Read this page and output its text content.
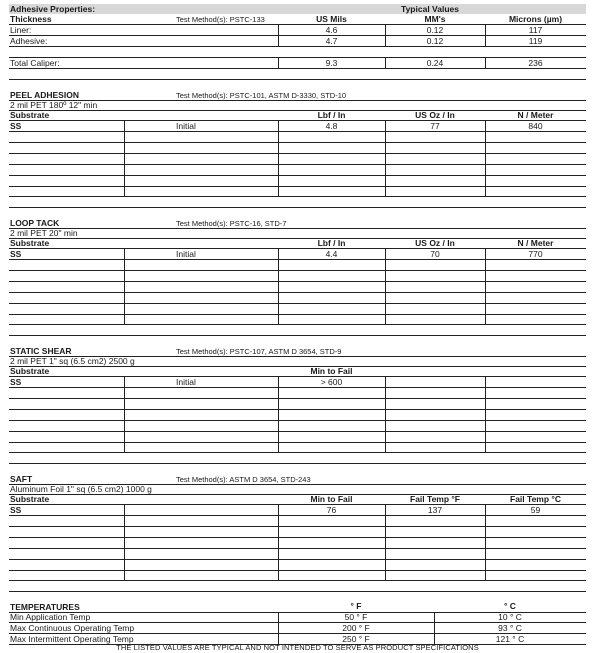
Adhesive Properties:	Typical Values
Thickness	Test Method(s): PSTC-133	US Mils	MM's	Microns (µm)
Liner:	4.6	0.12	117
Adhesive:	4.7	0.12	119
Total Caliper:	9.3	0.24	236
PEEL ADHESION	Test Method(s): PSTC-101, ASTM D-3330, STD-10
2 mil PET 180º 12" min
Substrate	Lbf / In	US Oz / In	N / Meter
SS	Initial	4.8	77	840
LOOP TACK	Test Method(s): PSTC-16, STD-7
2 mil PET 20" min
Substrate	Lbf / In	US Oz / In	N / Meter
SS	Initial	4.4	70	770
STATIC SHEAR	Test Method(s): PSTC-107, ASTM D 3654, STD-9
2 mil PET 1" sq (6.5 cm2) 2500 g
Substrate	Min to Fail
SS	Initial	> 600
SAFT	Test Method(s): ASTM D 3654, STD-243
Aluminum Foil 1" sq (6.5 cm2) 1000 g
Substrate	Min to Fail	Fail Temp °F	Fail Temp °C
SS	76	137	59
TEMPERATURES	° F	° C
Min Application Temp	50 ° F	10 ° C
Max Continuous Operating Temp	200 ° F	93 ° C
Max Intermittent Operating Temp	250 ° F	121 ° C
THE LISTED VALUES ARE TYPICAL AND NOT INTENDED TO SERVE AS PRODUCT SPECIFICATIONS
